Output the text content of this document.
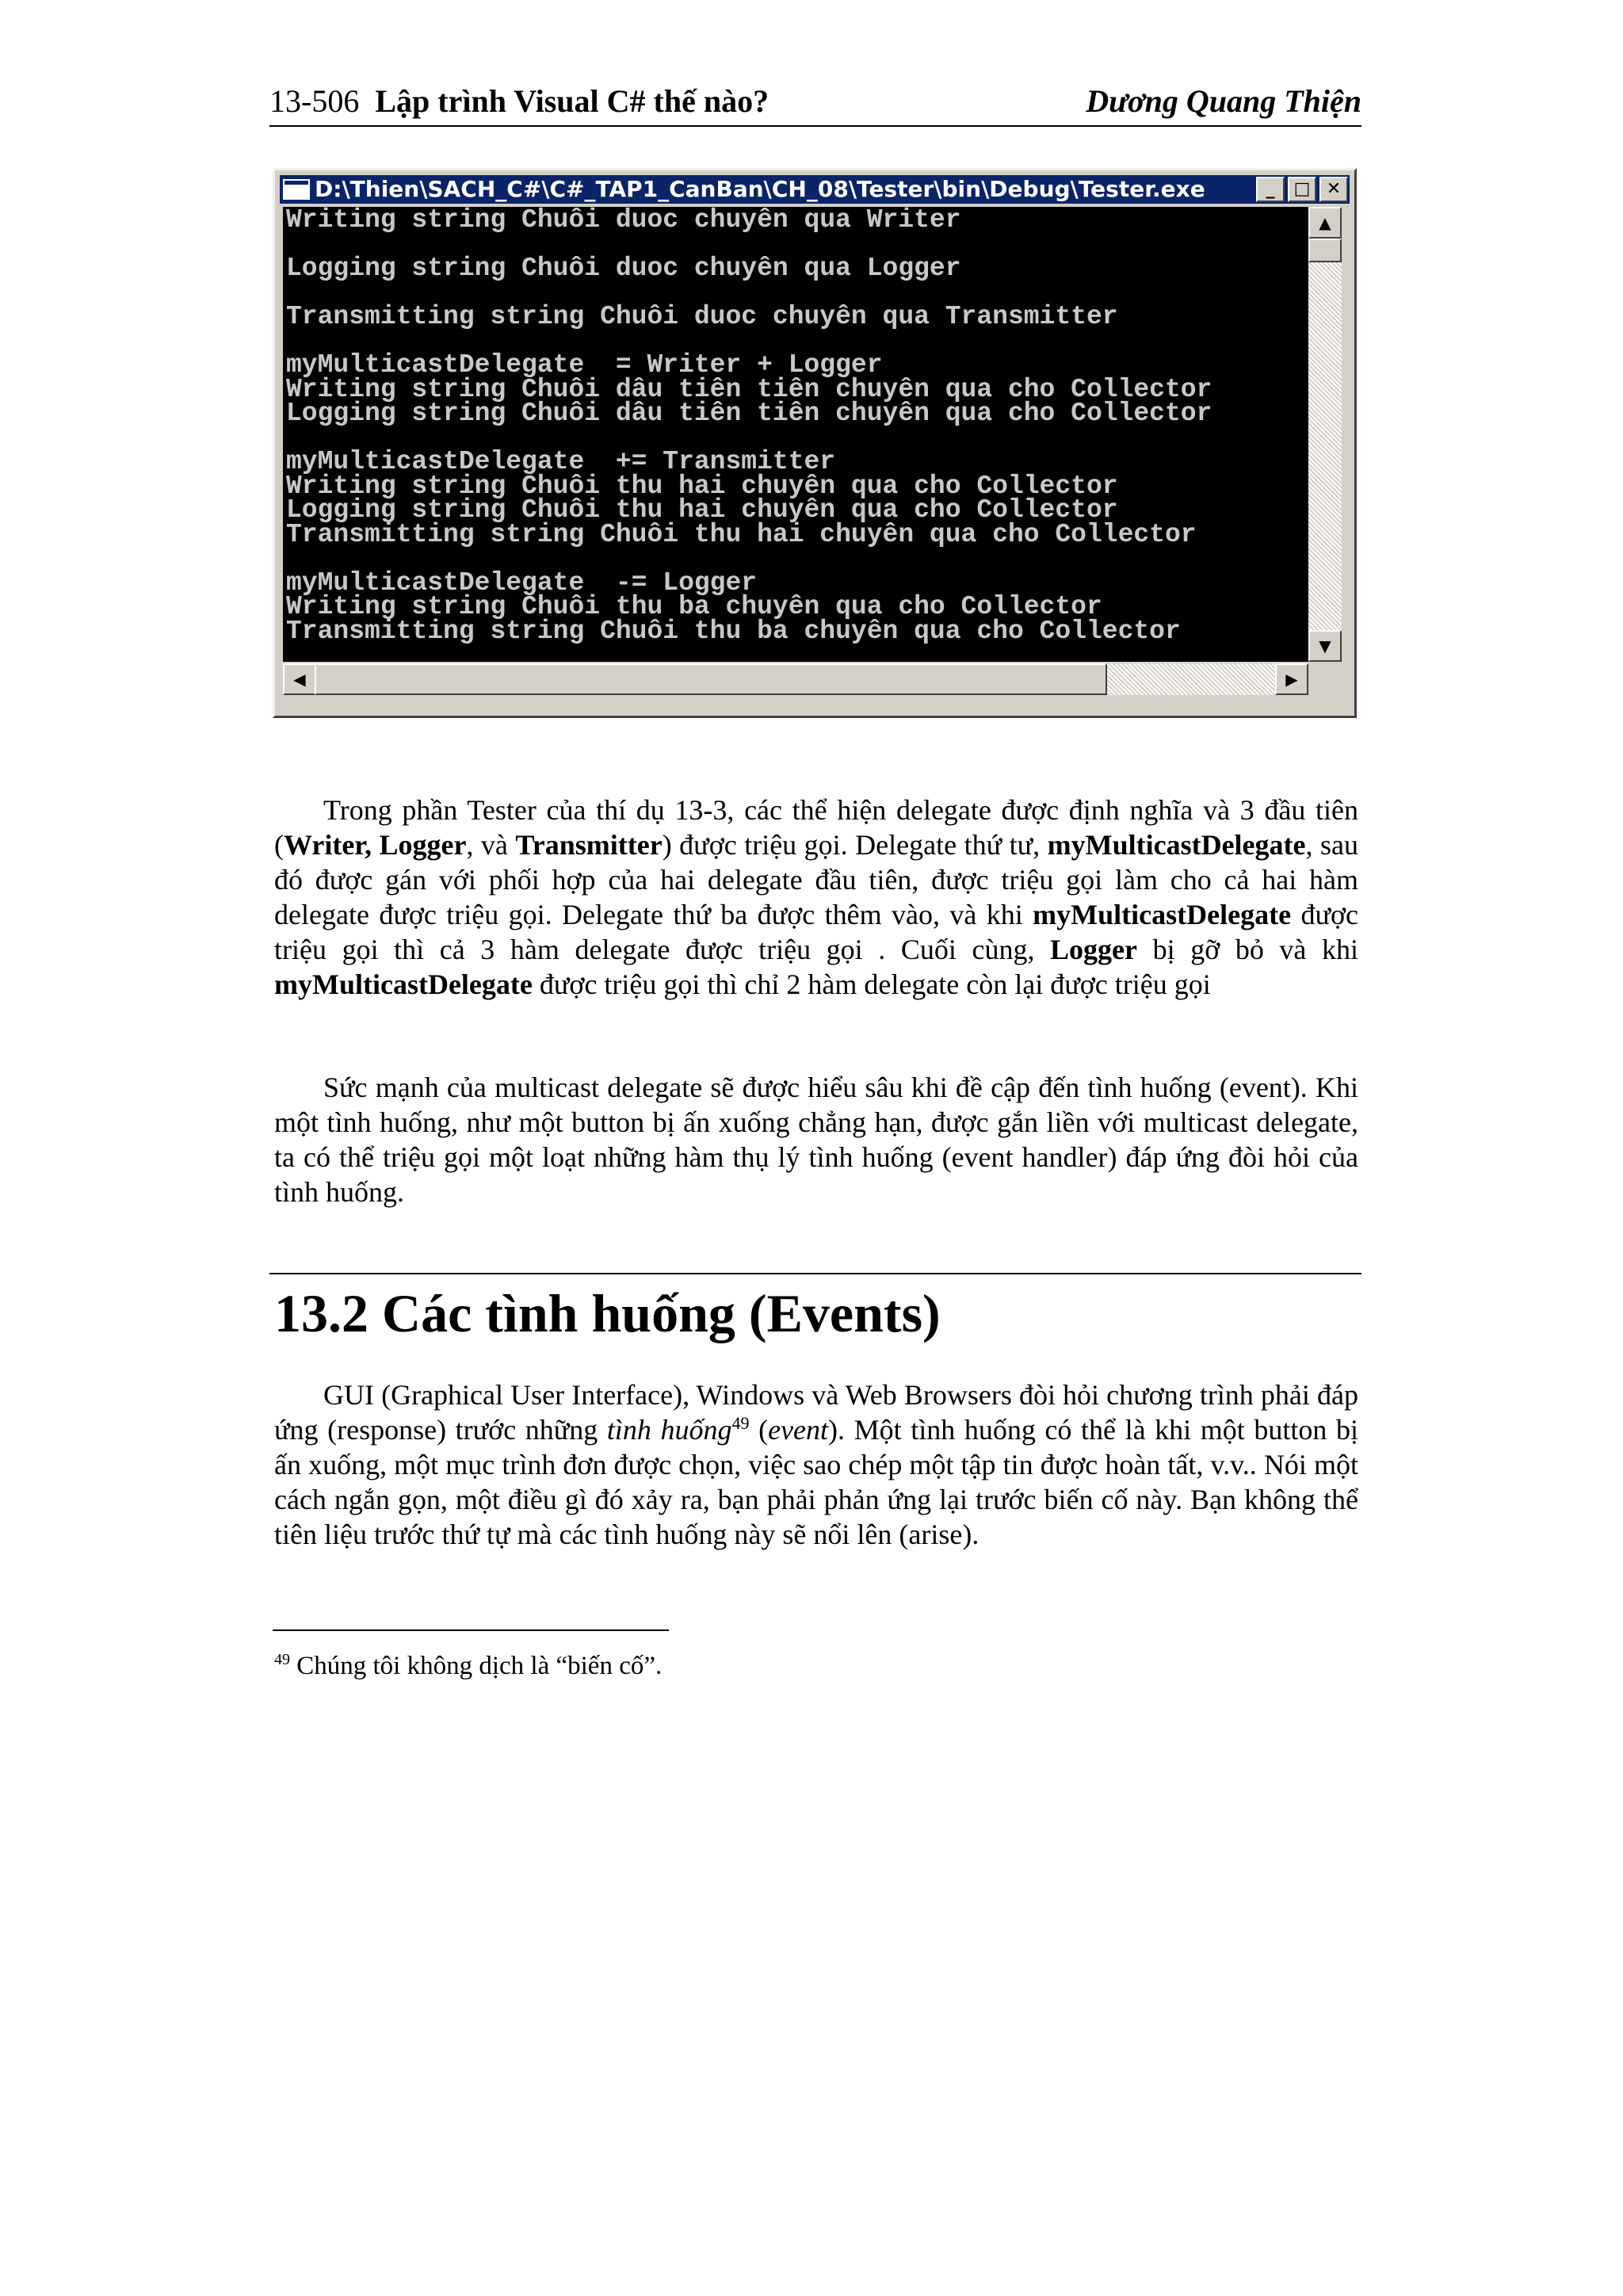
13-506 Lập trình Visual C# thế nào?	Dương Quang Thiện
D:\Thien\SACH_C#\C#_TAP1_CanBan\CH_08\Tester\bin\Debug\Tester.exe	_	□ ✕
Writing string Chuôi duoc chuyên qua Writer

Logging string Chuôi duoc chuyên qua Logger

Transmitting string Chuôi duoc chuyên qua Transmitter

myMulticastDelegate  = Writer + Logger
Writing string Chuôi dâu tiên tiên chuyên qua cho Collector
Logging string Chuôi dâu tiên tiên chuyên qua cho Collector

myMulticastDelegate  += Transmitter
Writing string Chuôi thu hai chuyên qua cho Collector
Logging string Chuôi thu hai chuyên qua cho Collector
Transmitting string Chuôi thu hai chuyên qua cho Collector

myMulticastDelegate  -= Logger
Writing string Chuôi thu ba chuyên qua cho Collector
Transmitting string Chuôi thu ba chuyên qua cho Collector
▲
▼
◀	▶
Trong phần Tester của thí dụ 13-3, các thể hiện delegate được định nghĩa và 3 đầu tiên (Writer, Logger, và Transmitter) được triệu gọi. Delegate thứ tư, myMulticastDelegate, sau đó được gán với phối hợp của hai delegate đầu tiên, được triệu gọi làm cho cả hai hàm delegate được triệu gọi. Delegate thứ ba được thêm vào, và khi myMulticastDelegate được triệu gọi thì cả 3 hàm delegate được triệu gọi . Cuối cùng, Logger bị gỡ bỏ và khi myMulticastDelegate được triệu gọi thì chỉ 2 hàm delegate còn lại được triệu gọi
Sức mạnh của multicast delegate sẽ được hiểu sâu khi đề cập đến tình huống (event). Khi một tình huống, như một button bị ấn xuống chẳng hạn, được gắn liền với multicast delegate, ta có thể triệu gọi một loạt những hàm thụ lý tình huống (event handler) đáp ứng đòi hỏi của tình huống.
13.2 Các tình huống (Events)
GUI (Graphical User Interface), Windows và Web Browsers đòi hỏi chương trình phải đáp ứng (response) trước những tình huống$^{49}$ (event). Một tình huống có thể là khi một button bị ấn xuống, một mục trình đơn được chọn, việc sao chép một tập tin được hoàn tất, v.v.. Nói một cách ngắn gọn, một điều gì đó xảy ra, bạn phải phản ứng lại trước biến cố này. Bạn không thể tiên liệu trước thứ tự mà các tình huống này sẽ nổi lên (arise).
$^{49}$ Chúng tôi không dịch là “biến cố”.
